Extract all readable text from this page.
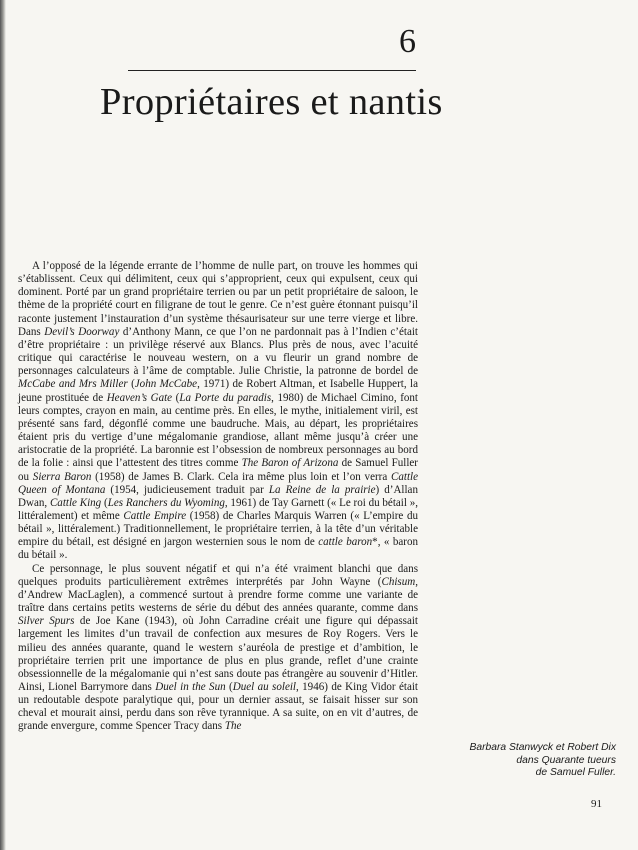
6
Propriétaires et nantis

A l’opposé de la légende errante de l’homme de nulle part, on trouve les hommes qui s’établissent. Ceux qui délimitent, ceux qui s’approprient, ceux qui expulsent, ceux qui dominent. Porté par un grand propriétaire terrien ou par un petit propriétaire de saloon, le thème de la propriété court en filigrane de tout le genre. Ce n’est guère étonnant puisqu’il raconte justement l’instauration d’un système thésaurisateur sur une terre vierge et libre. Dans Devil’s Doorway d’Anthony Mann, ce que l’on ne pardonnait pas à l’Indien c’était d’être propriétaire : un privilège réservé aux Blancs. Plus près de nous, avec l’acuité critique qui caractérise le nouveau western, on a vu fleurir un grand nombre de personnages calculateurs à l’âme de comptable. Julie Christie, la patronne de bordel de McCabe and Mrs Miller (John McCabe, 1971) de Robert Altman, et Isabelle Huppert, la jeune prostituée de Heaven’s Gate (La Porte du paradis, 1980) de Michael Cimino, font leurs comptes, crayon en main, au centime près. En elles, le mythe, initialement viril, est présenté sans fard, dégonflé comme une baudruche. Mais, au départ, les propriétaires étaient pris du vertige d’une mégalomanie grandiose, allant même jusqu’à créer une aristocratie de la propriété. La baronnie est l’obsession de nombreux personnages au bord de la folie : ainsi que l’attestent des titres comme The Baron of Arizona de Samuel Fuller ou Sierra Baron (1958) de James B. Clark. Cela ira même plus loin et l’on verra Cattle Queen of Montana (1954, judicieusement traduit par La Reine de la prairie) d’Allan Dwan, Cattle King (Les Ranchers du Wyoming, 1961) de Tay Garnett (« Le roi du bétail », littéralement) et même Cattle Empire (1958) de Charles Marquis Warren (« L’empire du bétail », littéralement.) Traditionnellement, le propriétaire terrien, à la tête d’un véritable empire du bétail, est désigné en jargon westernien sous le nom de cattle baron*, « baron du bétail ».

Ce personnage, le plus souvent négatif et qui n’a été vraiment blanchi que dans quelques produits particulièrement extrêmes interprétés par John Wayne (Chisum, d’Andrew MacLaglen), a commencé surtout à prendre forme comme une variante de traître dans certains petits westerns de série du début des années quarante, comme dans Silver Spurs de Joe Kane (1943), où John Carradine créait une figure qui dépassait largement les limites d’un travail de confection aux mesures de Roy Rogers. Vers le milieu des années quarante, quand le western s’auréola de prestige et d’ambition, le propriétaire terrien prit une importance de plus en plus grande, reflet d’une crainte obsessionnelle de la mégalomanie qui n’est sans doute pas étrangère au souvenir d’Hitler. Ainsi, Lionel Barrymore dans Duel in the Sun (Duel au soleil, 1946) de King Vidor était un redoutable despote paralytique qui, pour un dernier assaut, se faisait hisser sur son cheval et mourait ainsi, perdu dans son rêve tyrannique. A sa suite, on en vit d’autres, de grande envergure, comme Spencer Tracy dans The

Barbara Stanwyck et Robert Dix
dans Quarante tueurs
de Samuel Fuller.
91
